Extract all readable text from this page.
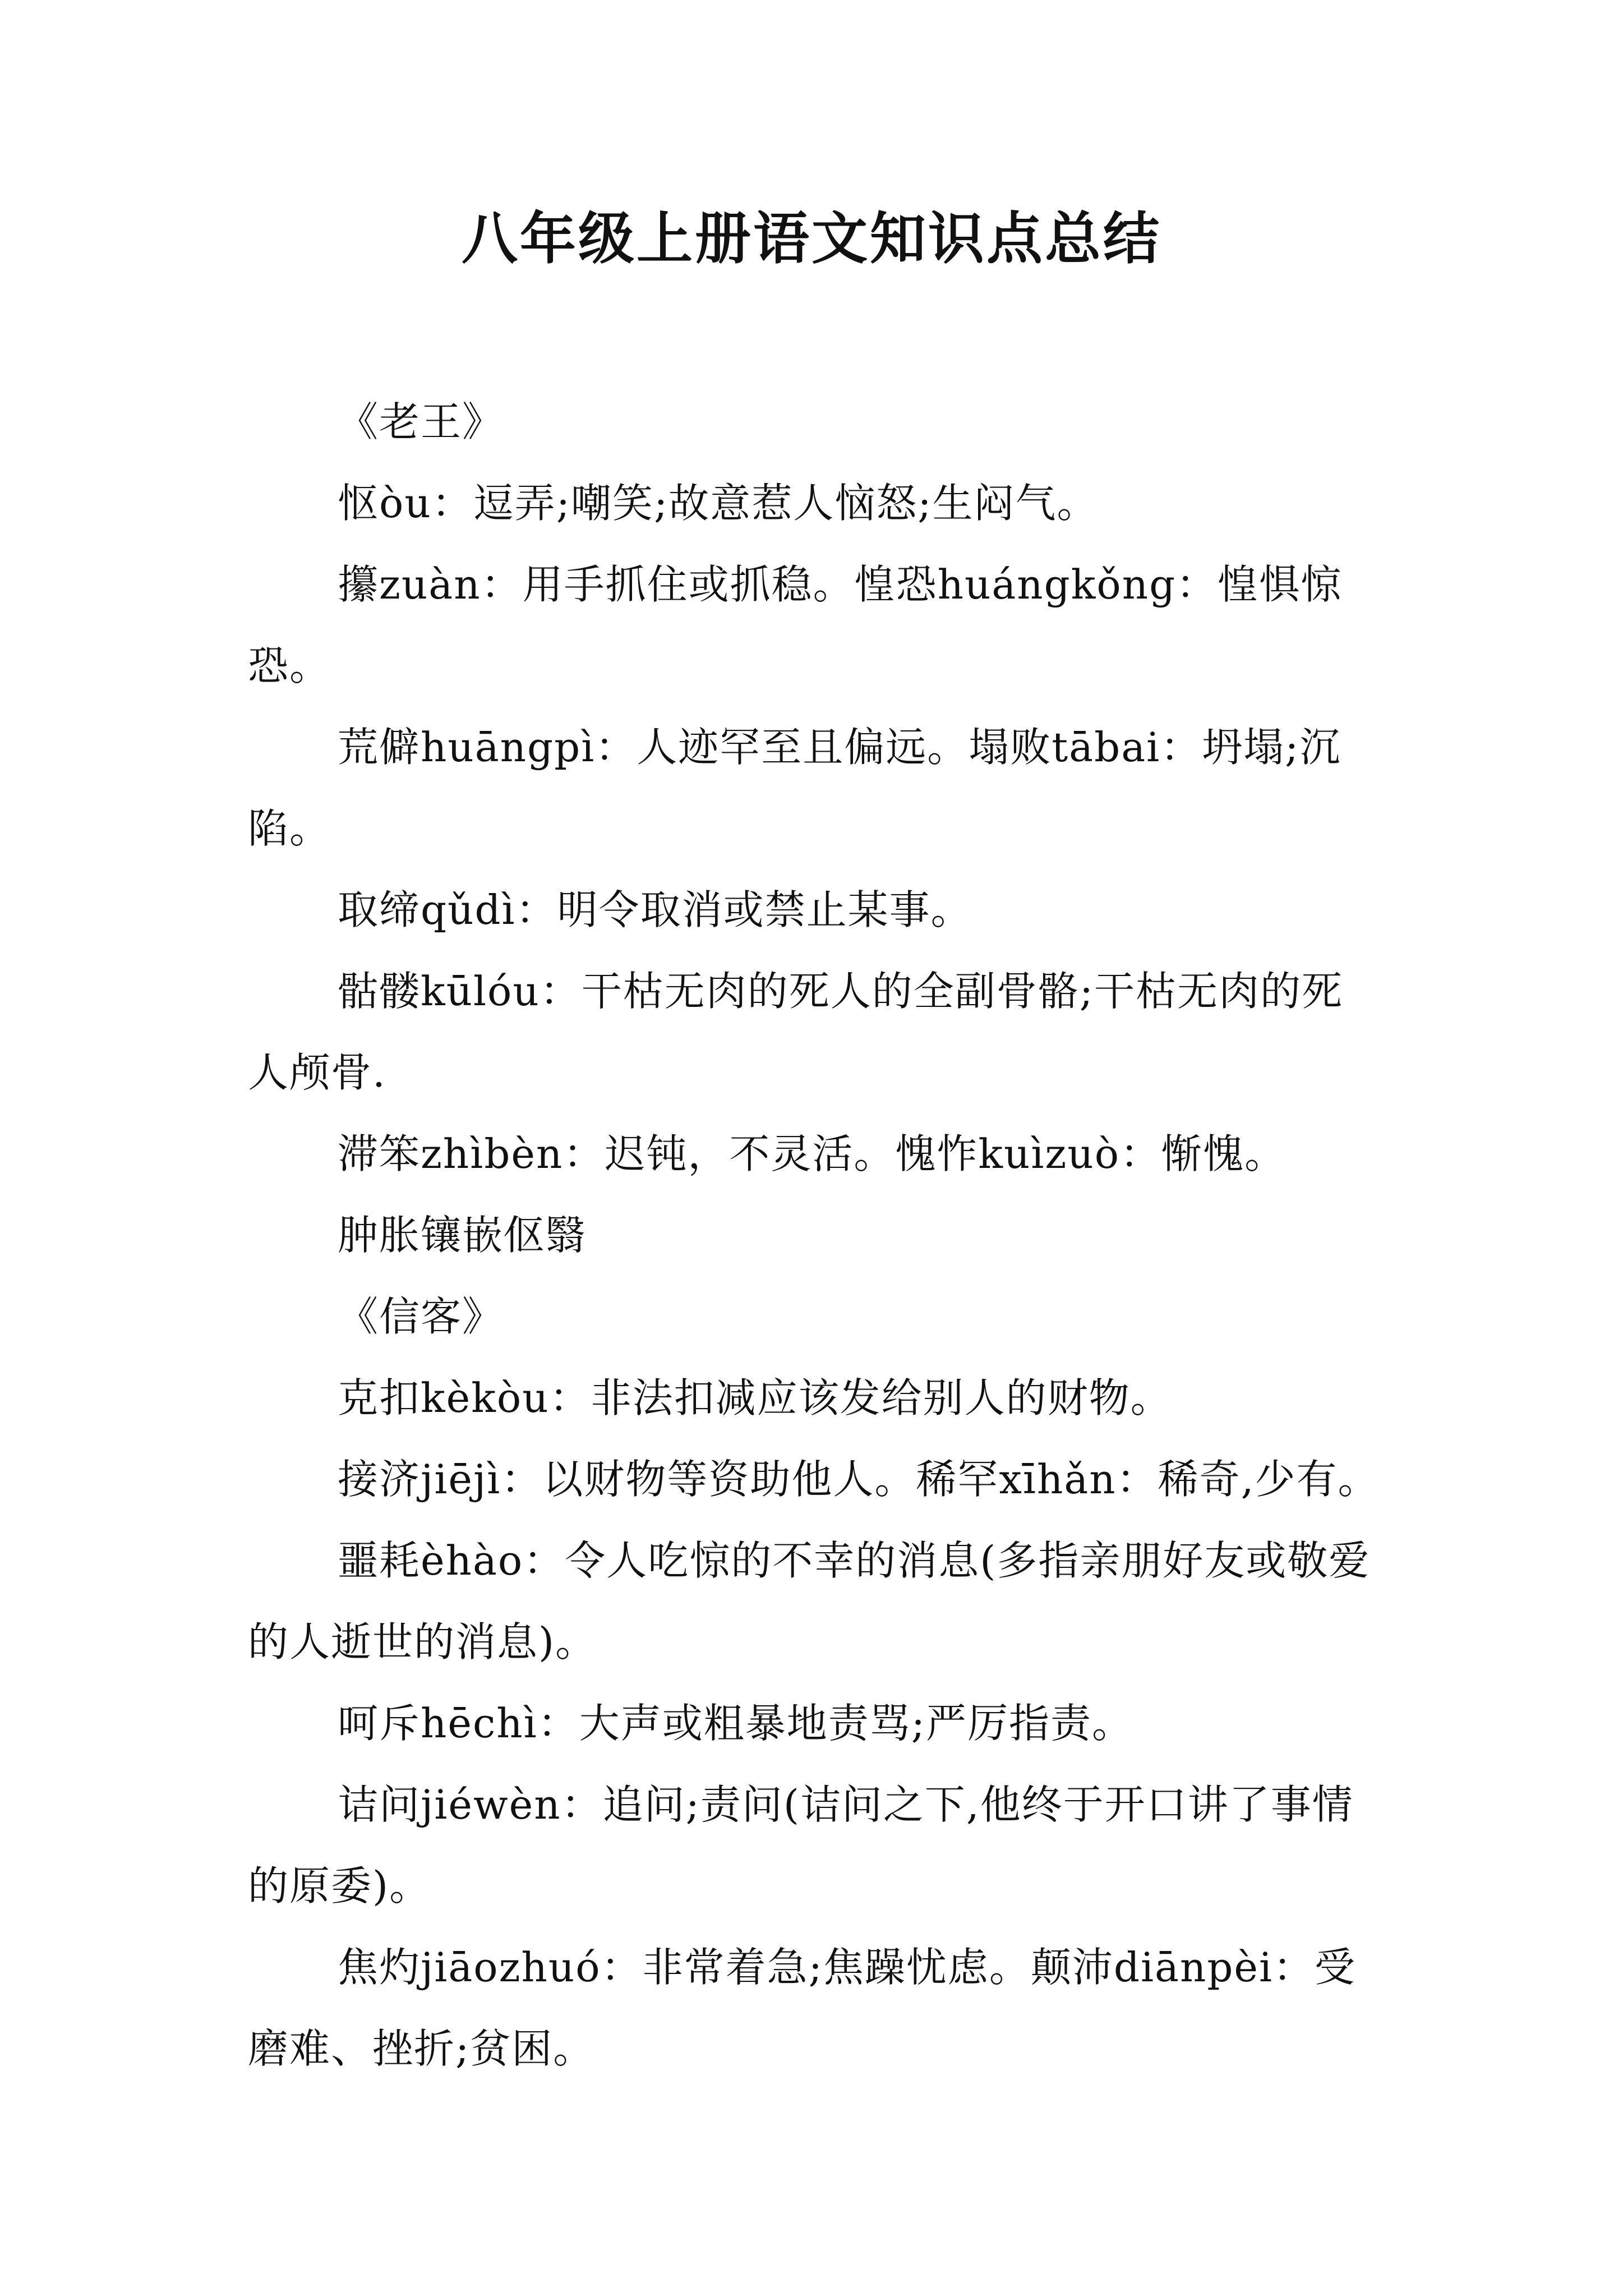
八年级上册语文知识点总结

《老王》

怄òu：逗弄;嘲笑;故意惹人恼怒;生闷气。

攥zuàn：用手抓住或抓稳。惶恐huángkǒng：惶惧惊恐。

荒僻huāngpì：人迹罕至且偏远。塌败tābai：坍塌;沉陷。

取缔qǔdì：明令取消或禁止某事。

骷髅kūlóu：干枯无肉的死人的全副骨骼;干枯无肉的死人颅骨.

滞笨zhìbèn：迟钝，不灵活。愧怍kuìzuò：惭愧。

肿胀镶嵌伛翳

《信客》

克扣kèkòu：非法扣减应该发给别人的财物。

接济jiējì：以财物等资助他人。稀罕xīhǎn：稀奇,少有。

噩耗èhào：令人吃惊的不幸的消息(多指亲朋好友或敬爱的人逝世的消息)。

呵斥hēchì：大声或粗暴地责骂;严厉指责。

诘问jiéwèn：追问;责问(诘问之下,他终于开口讲了事情的原委)。

焦灼jiāozhuó：非常着急;焦躁忧虑。颠沛diānpèi：受磨难、挫折;贫困。
